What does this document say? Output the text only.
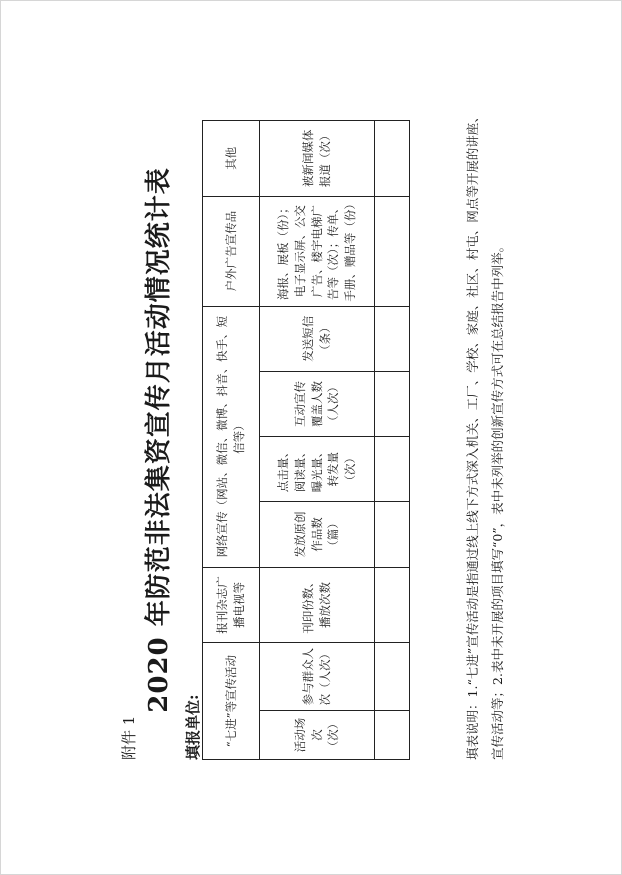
附件 1
2020 年防范非法集资宣传月活动情况统计表
填报单位: “七进”等宣传活动		报刊杂志广播电视等	网络宣传（网站、微信、微博、抖音、快手、短信等）				户外广告宣传品	其他
活动场次（次）	参与群众人次（人次）	刊印份数、播放次数	发放原创作品数（篇）	点击量、阅读量、曝光量、转发量（次）	互动宣传覆盖人数（人次）	发送短信（条）	海报、展板（份）；电子显示屏、公交广告、楼宇电梯广告等（次）；传单、手册、赠品等（份）	被新闻媒体报道（次）

填表说明：1.“七进”宣传活动是指通过线上线下方式深入机关、工厂、学校、家庭、社区、村屯、网点等开展的讲座、宣传活动等；2.表中未开展的项目填写“0”，表中未列举的创新宣传方式可在总结报告中列举。
